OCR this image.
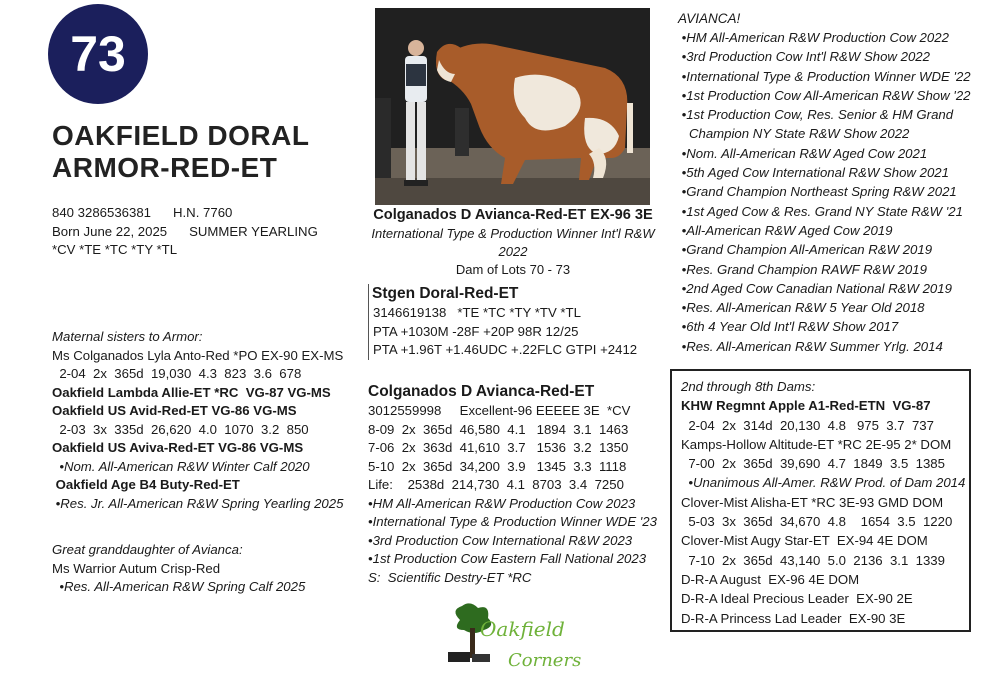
73
OAKFIELD DORAL
ARMOR-RED-ET
840 3286536381      H.N. 7760
Born June 22, 2025      SUMMER YEARLING
*CV *TE *TC *TY *TL
Maternal sisters to Armor:
Ms Colganados Lyla Anto-Red *PO EX-90 EX-MS
2-04  2x  365d  19,030  4.3  823  3.6  678
Oakfield Lambda Allie-ET *RC  VG-87 VG-MS
Oakfield US Avid-Red-ET VG-86 VG-MS
2-03  3x  335d  26,620  4.0  1070  3.2  850
Oakfield US Aviva-Red-ET VG-86 VG-MS
•Nom. All-American R&W Winter Calf 2020
Oakfield Age B4 Buty-Red-ET
•Res. Jr. All-American R&W Spring Yearling 2025
Great granddaughter of Avianca:
Ms Warrior Autum Crisp-Red
•Res. All-American R&W Spring Calf 2025
Colganados D Avianca-Red-ET EX-96 3E
International Type & Production Winner Int'l R&W 2022
Dam of Lots 70 - 73
Stgen Doral-Red-ET
3146619138   *TE *TC *TY *TV *TL
PTA +1030M -28F +20P 98R 12/25
PTA +1.96T +1.46UDC +.22FLC GTPI +2412
Colganados D Avianca-Red-ET
3012559998     Excellent-96 EEEEE 3E  *CV
8-09  2x  365d  46,580  4.1   1894  3.1  1463
7-06  2x  363d  41,610  3.7   1536  3.2  1350
5-10  2x  365d  34,200  3.9   1345  3.3  1118
Life:    2538d  214,730  4.1  8703  3.4  7250
•HM All-American R&W Production Cow 2023
•International Type & Production Winner WDE '23
•3rd Production Cow International R&W 2023
•1st Production Cow Eastern Fall National 2023
S:  Scientific Destry-ET *RC
AVIANCA!
•HM All-American R&W Production Cow 2022
•3rd Production Cow Int'l R&W Show 2022
•International Type & Production Winner WDE '22
•1st Production Cow All-American R&W Show '22
•1st Production Cow, Res. Senior & HM Grand
Champion NY State R&W Show 2022
•Nom. All-American R&W Aged Cow 2021
•5th Aged Cow International R&W Show 2021
•Grand Champion Northeast Spring R&W 2021
•1st Aged Cow & Res. Grand NY State R&W '21
•All-American R&W Aged Cow 2019
•Grand Champion All-American R&W 2019
•Res. Grand Champion RAWF R&W 2019
•2nd Aged Cow Canadian National R&W 2019
•Res. All-American R&W 5 Year Old 2018
•6th 4 Year Old Int'l R&W Show 2017
•Res. All-American R&W Summer Yrlg. 2014
2nd through 8th Dams:
KHW Regmnt Apple A1-Red-ETN  VG-87
2-04  2x  314d  20,130  4.8   975  3.7  737
Kamps-Hollow Altitude-ET *RC 2E-95 2* DOM
7-00  2x  365d  39,690  4.7  1849  3.5  1385
•Unanimous All-Amer. R&W Prod. of Dam 2014
Clover-Mist Alisha-ET *RC 3E-93 GMD DOM
5-03  3x  365d  34,670  4.8    1654  3.5  1220
Clover-Mist Augy Star-ET  EX-94 4E DOM
7-10  2x  365d  43,140  5.0  2136  3.1  1339
D-R-A August  EX-96 4E DOM
D-R-A Ideal Precious Leader  EX-90 2E
D-R-A Princess Lad Leader  EX-90 3E
Oakfield
Corners
